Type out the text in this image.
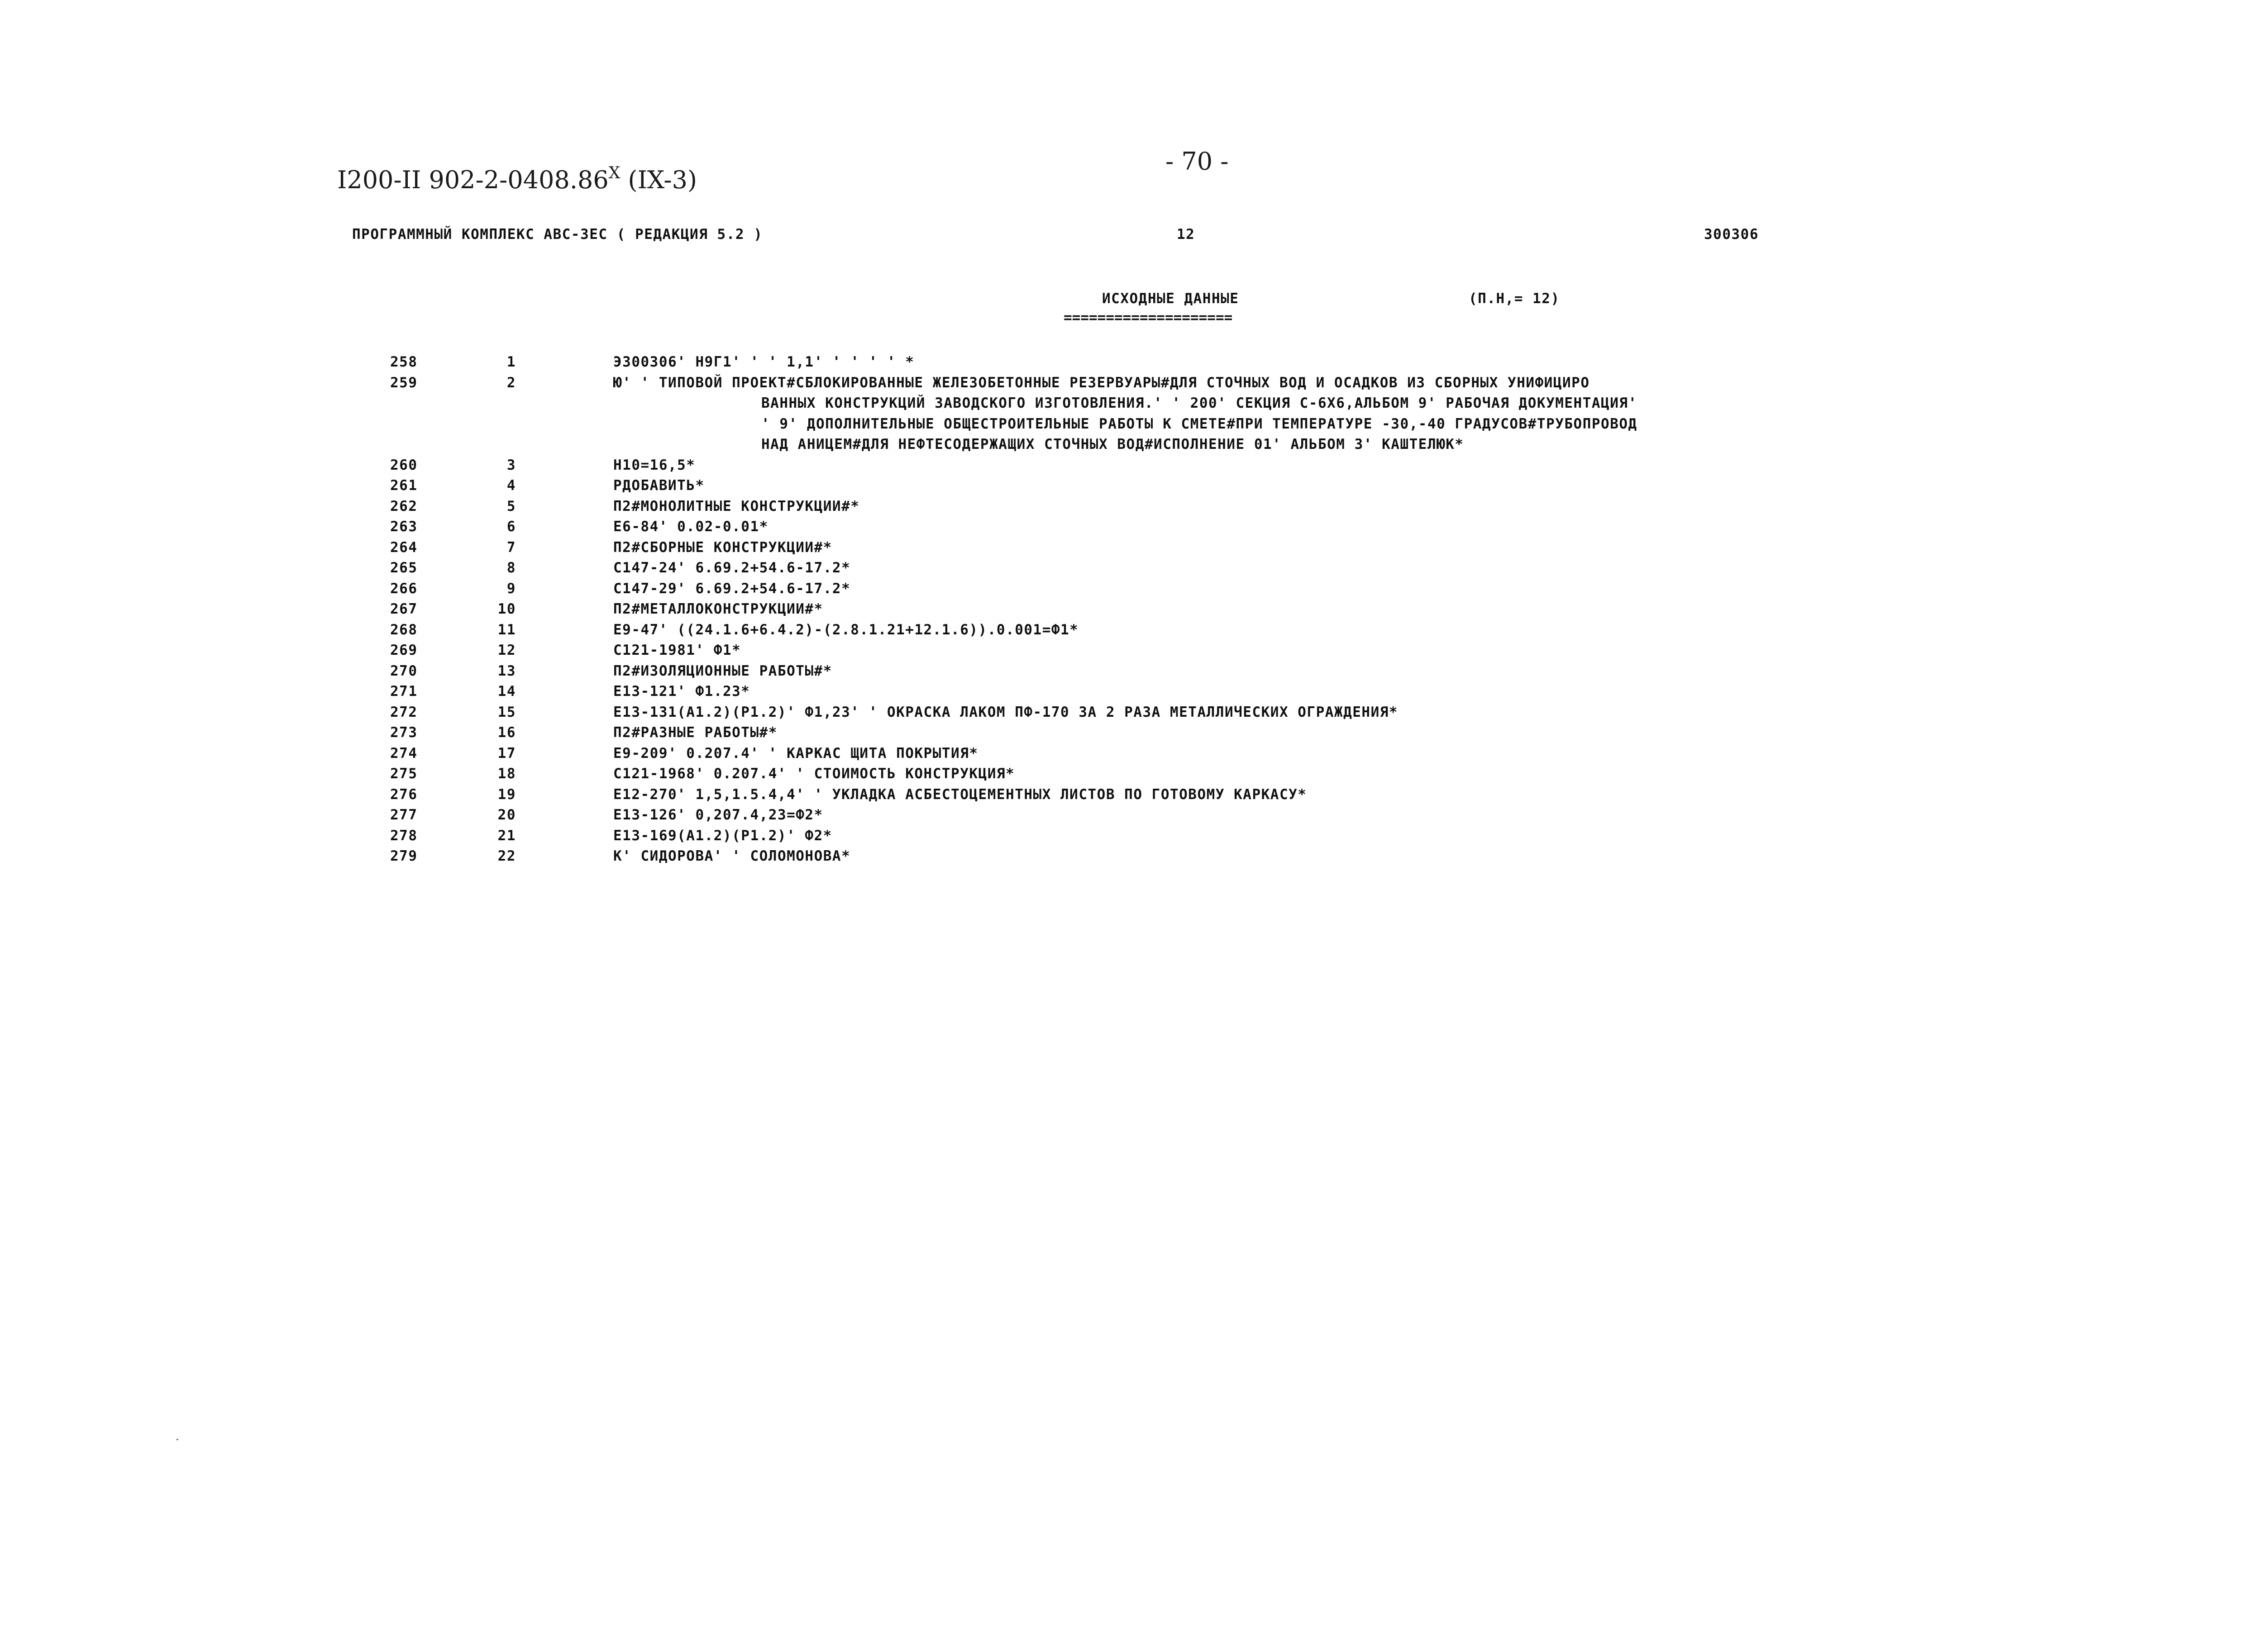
I200-II $902-2-0408.86^X$ (IX-3)
- 70 -
ПРОГРАММНЫЙ КОМПЛЕКС АВС-3ЕС ( РЕДАКЦИЯ 5.2 )	12	300306
ИСХОДНЫЕ ДАННЫЕ
====================
(П.Н,= 12)
258	1	Э300306' Н9Г1' ' ' 1,1' ' ' ' ' *
259	2	Ю' ' ТИПОВОЙ ПРОЕКТ#СБЛОКИРОВАННЫЕ ЖЕЛЕЗОБЕТОННЫЕ РЕЗЕРВУАРЫ#ДЛЯ СТОЧНЫХ ВОД И ОСАДКОВ ИЗ СБОРНЫХ УНИФИЦИРО
ВАННЫХ КОНСТРУКЦИЙ ЗАВОДСКОГО ИЗГОТОВЛЕНИЯ.' ' 200' СЕКЦИЯ С-6Х6,АЛЬБОМ 9' РАБОЧАЯ ДОКУМЕНТАЦИЯ'
' 9' ДОПОЛНИТЕЛЬНЫЕ ОБЩЕСТРОИТЕЛЬНЫЕ РАБОТЫ К СМЕТЕ#ПРИ ТЕМПЕРАТУРЕ -30,-40 ГРАДУСОВ#ТРУБОПРОВОД
НАД АНИЦЕМ#ДЛЯ НЕФТЕСОДЕРЖАЩИХ СТОЧНЫХ ВОД#ИСПОЛНЕНИЕ 01' АЛЬБОМ 3' КАШТЕЛЮК*
260	3	Н10=16,5*
261	4	РДОБАВИТЬ*
262	5	П2#МОНОЛИТНЫЕ КОНСТРУКЦИИ#*
263	6	Е6-84' 0.02-0.01*
264	7	П2#СБОРНЫЕ КОНСТРУКЦИИ#*
265	8	С147-24' 6.69.2+54.6-17.2*
266	9	С147-29' 6.69.2+54.6-17.2*
267	10	П2#МЕТАЛЛОКОНСТРУКЦИИ#*
268	11	Е9-47' ((24.1.6+6.4.2)-(2.8.1.21+12.1.6)).0.001=Ф1*
269	12	С121-1981' Ф1*
270	13	П2#ИЗОЛЯЦИОННЫЕ РАБОТЫ#*
271	14	Е13-121' Ф1.23*
272	15	Е13-131(А1.2)(Р1.2)' Ф1,23' ' ОКРАСКА ЛАКОМ ПФ-170 ЗА 2 РАЗА МЕТАЛЛИЧЕСКИХ ОГРАЖДЕНИЯ*
273	16	П2#РАЗНЫЕ РАБОТЫ#*
274	17	Е9-209' 0.207.4' ' КАРКАС ЩИТА ПОКРЫТИЯ*
275	18	С121-1968' 0.207.4' ' СТОИМОСТЬ КОНСТРУКЦИЯ*
276	19	Е12-270' 1,5,1.5.4,4' ' УКЛАДКА АСБЕСТОЦЕМЕНТНЫХ ЛИСТОВ ПО ГОТОВОМУ КАРКАСУ*
277	20	Е13-126' 0,207.4,23=Ф2*
278	21	Е13-169(А1.2)(Р1.2)' Ф2*
279	22	К' СИДОРОВА' ' СОЛОМОНОВА*
